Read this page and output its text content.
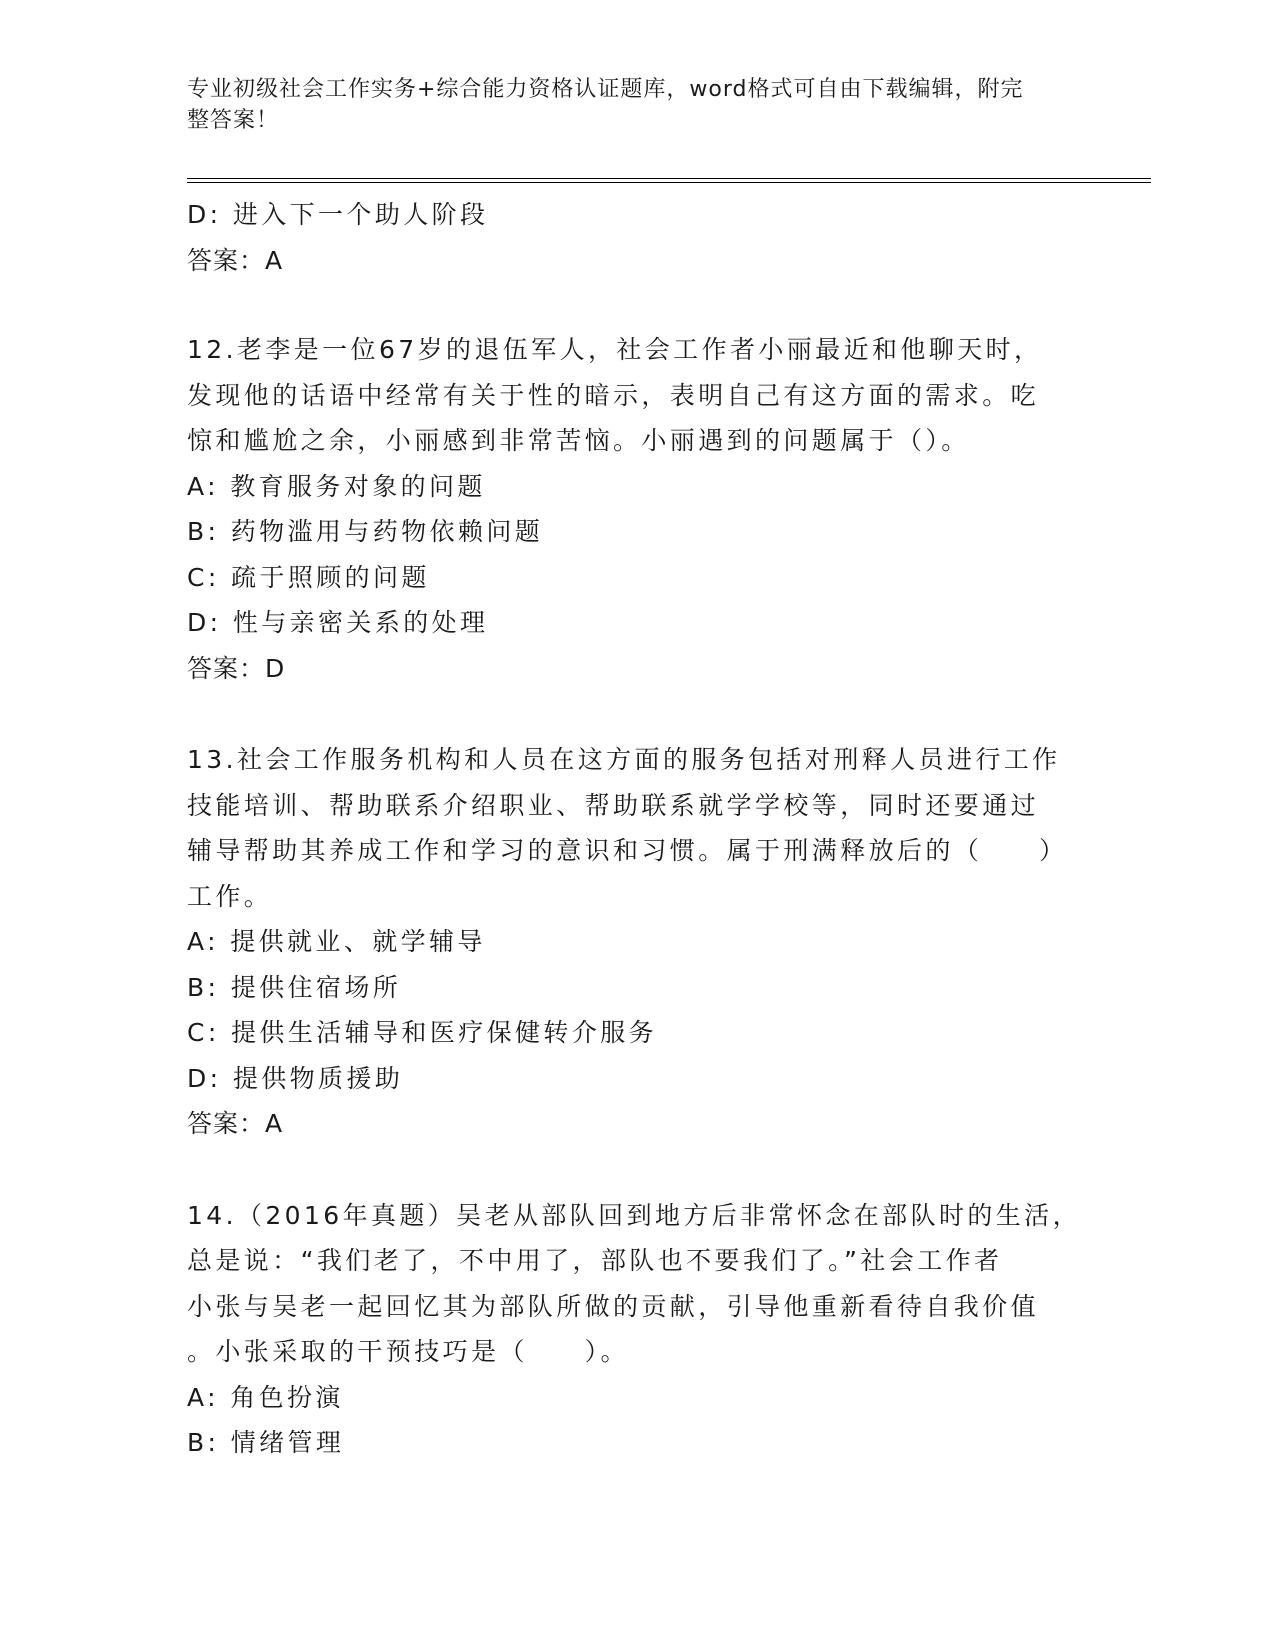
专业初级社会工作实务+综合能力资格认证题库，word格式可自由下载编辑，附完
整答案！
D: 进入下一个助人阶段
答案：A
12.老李是一位67岁的退伍军人，社会工作者小丽最近和他聊天时，
发现他的话语中经常有关于性的暗示，表明自己有这方面的需求。吃
惊和尴尬之余，小丽感到非常苦恼。小丽遇到的问题属于（）。
A: 教育服务对象的问题
B: 药物滥用与药物依赖问题
C: 疏于照顾的问题
D: 性与亲密关系的处理
答案：D
13.社会工作服务机构和人员在这方面的服务包括对刑释人员进行工作
技能培训、帮助联系介绍职业、帮助联系就学学校等，同时还要通过
辅导帮助其养成工作和学习的意识和习惯。属于刑满释放后的（　　）
工作。
A: 提供就业、就学辅导
B: 提供住宿场所
C: 提供生活辅导和医疗保健转介服务
D: 提供物质援助
答案：A
14.（2016年真题）吴老从部队回到地方后非常怀念在部队时的生活，
总是说：“我们老了，不中用了，部队也不要我们了。”社会工作者
小张与吴老一起回忆其为部队所做的贡献，引导他重新看待自我价值
。小张采取的干预技巧是（　　）。
A: 角色扮演
B: 情绪管理
